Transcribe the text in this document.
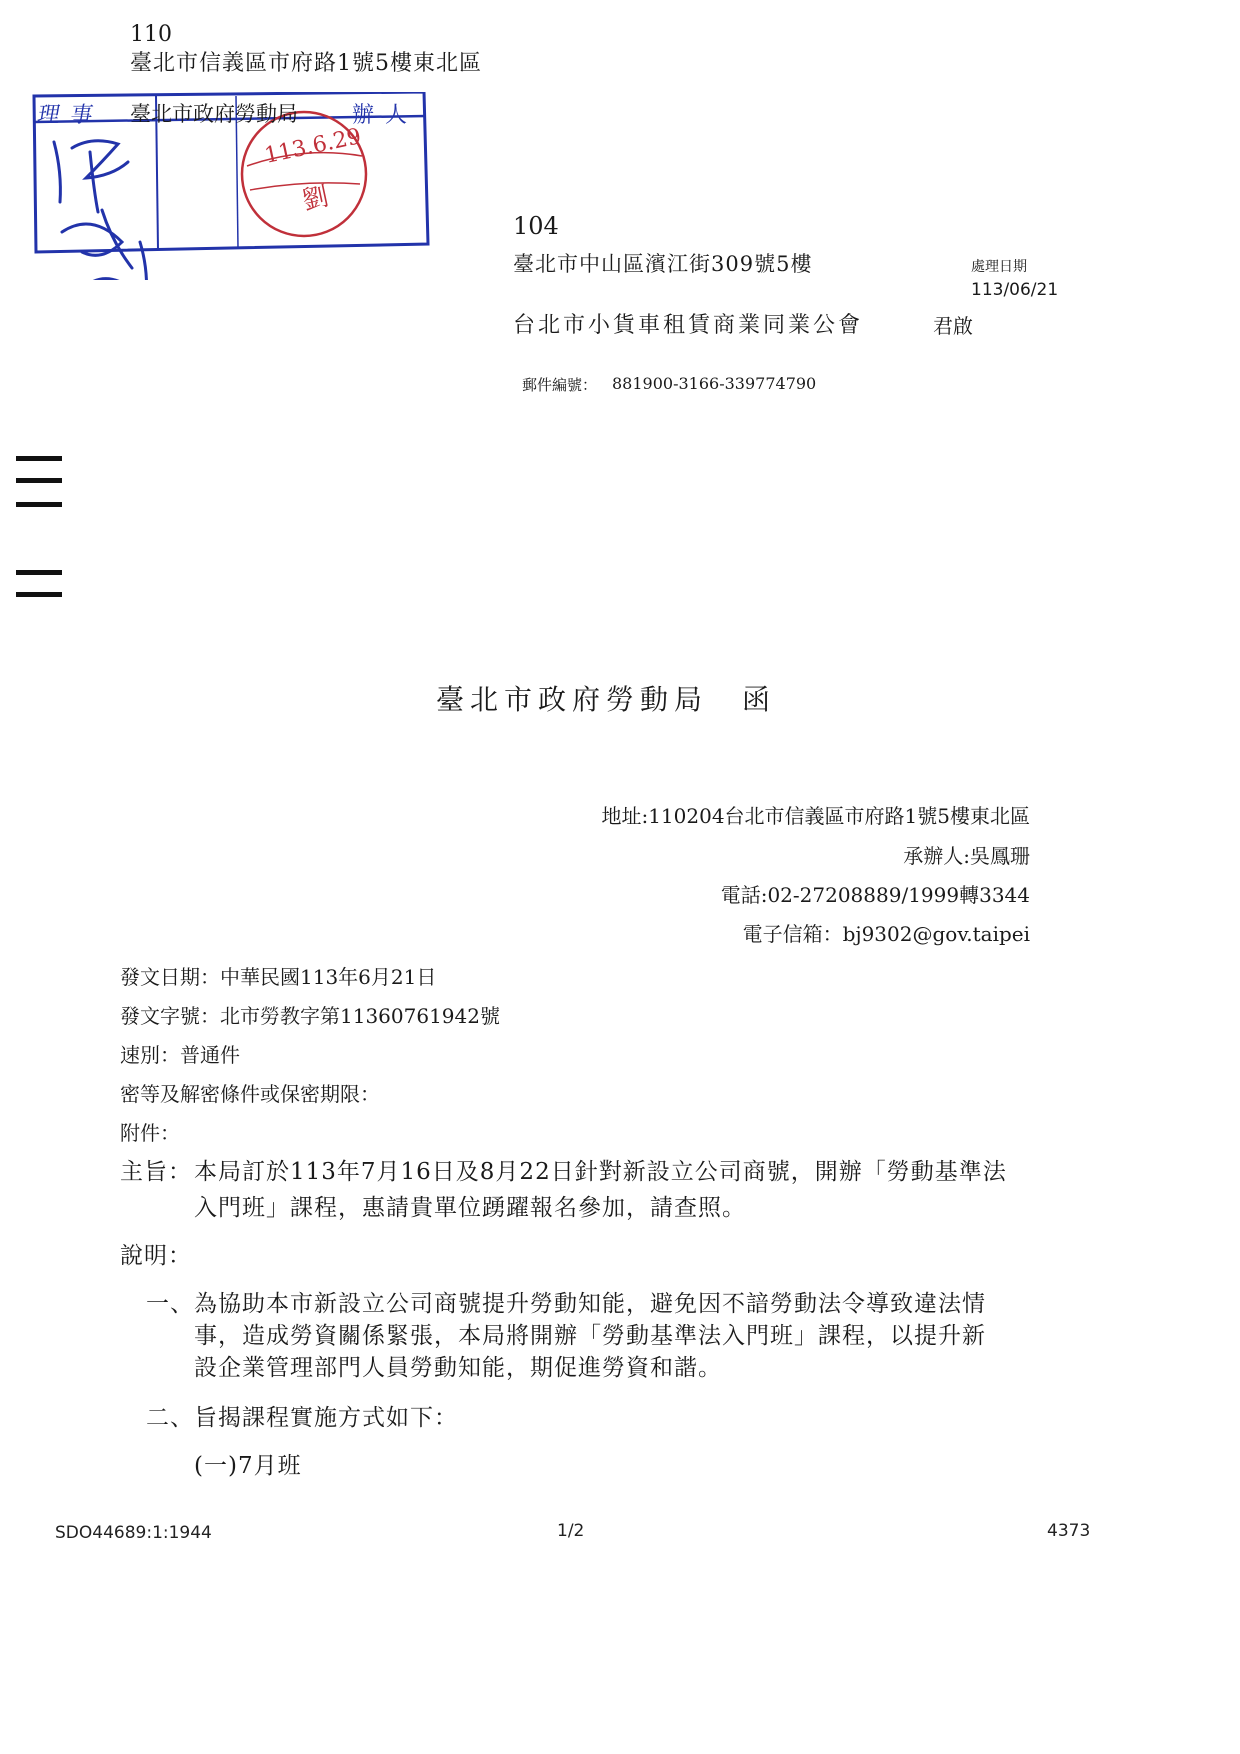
110
臺北市信義區市府路1號5樓東北區
理 事 臺北市政府勞動局 辦 人
113.6.29
劉
104
臺北市中山區濱江街309號5樓	處理日期
113/06/21
台北市小貨車租賃商業同業公會	君啟
郵件編號： 881900-3166-339774790
臺北市政府勞動局　函
地址:110204台北市信義區市府路1號5樓東北區
承辦人:吳鳳珊
電話:02-27208889/1999轉3344
電子信箱：bj9302@gov.taipei
發文日期：中華民國113年6月21日
發文字號：北市勞教字第11360761942號
速別：普通件
密等及解密條件或保密期限：
附件：
主旨： 本局訂於113年7月16日及8月22日針對新設立公司商號，開辦「勞動基準法
入門班」課程，惠請貴單位踴躍報名參加，請查照。
說明：
一、 為協助本市新設立公司商號提升勞動知能，避免因不諳勞動法令導致違法情
事，造成勞資關係緊張，本局將開辦「勞動基準法入門班」課程，以提升新
設企業管理部門人員勞動知能，期促進勞資和諧。
二、 旨揭課程實施方式如下：
(一)7月班
SDO44689:1:1944	1/2	4373
